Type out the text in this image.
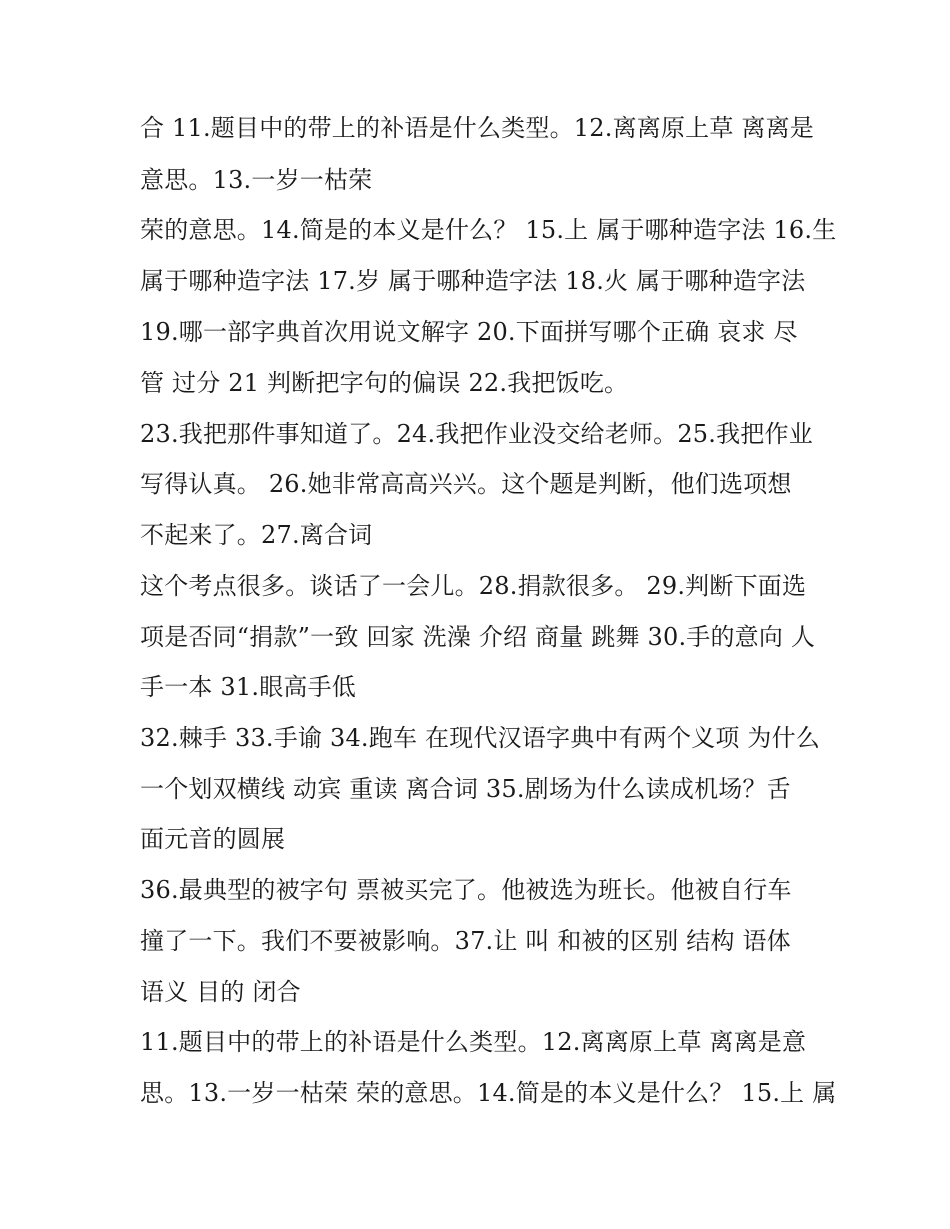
合 11.题目中的带上的补语是什么类型。12.离离原上草 离离是
意思。13.一岁一枯荣
荣的意思。14.简是的本义是什么？ 15.上 属于哪种造字法 16.生
属于哪种造字法 17.岁 属于哪种造字法 18.火 属于哪种造字法
19.哪一部字典首次用说文解字 20.下面拼写哪个正确 哀求 尽
管 过分 21 判断把字句的偏误 22.我把饭吃。
23.我把那件事知道了。24.我把作业没交给老师。25.我把作业
写得认真。 26.她非常高高兴兴。这个题是判断，他们选项想
不起来了。27.离合词
这个考点很多。谈话了一会儿。28.捐款很多。 29.判断下面选
项是否同“捐款”一致 回家 洗澡 介绍 商量 跳舞 30.手的意向 人
手一本 31.眼高手低
32.棘手 33.手谕 34.跑车 在现代汉语字典中有两个义项 为什么
一个划双横线 动宾 重读 离合词 35.剧场为什么读成机场？舌
面元音的圆展
36.最典型的被字句 票被买完了。他被选为班长。他被自行车
撞了一下。我们不要被影响。37.让 叫 和被的区别 结构 语体
语义 目的 闭合
11.题目中的带上的补语是什么类型。12.离离原上草 离离是意
思。13.一岁一枯荣 荣的意思。14.简是的本义是什么？ 15.上 属
